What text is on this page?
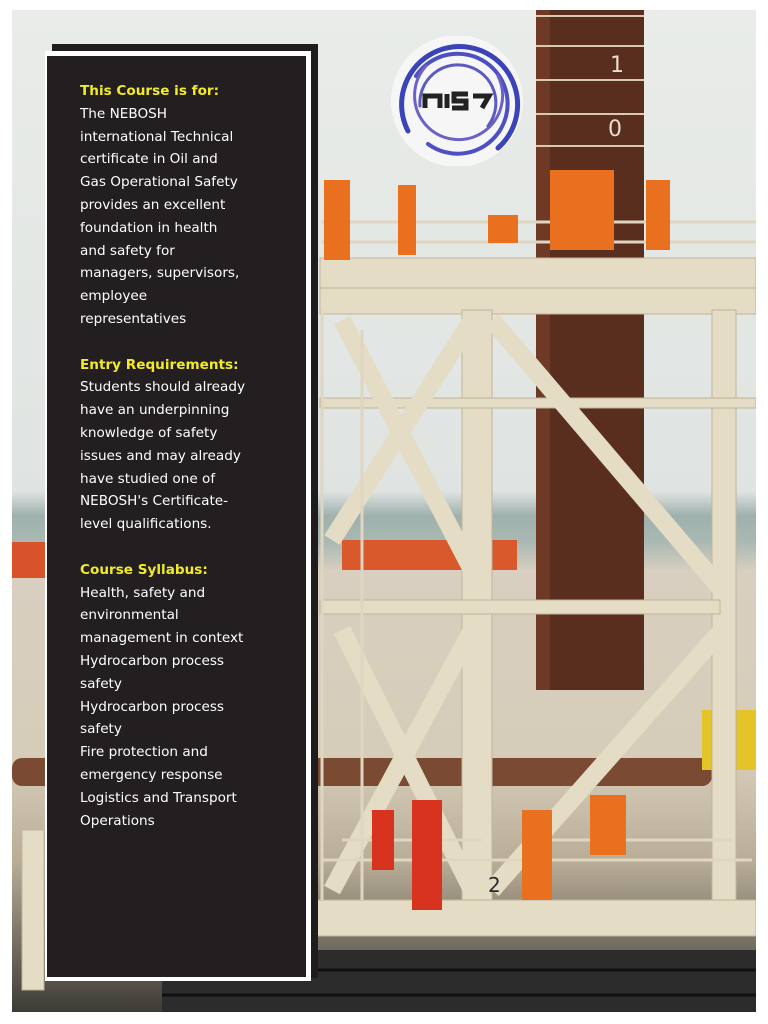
1
0
2
This Course is for:
The NEBOSH
international Technical
certificate in Oil and
Gas Operational Safety
provides an excellent
foundation in health
and safety for
managers, supervisors,
employee
representatives
Entry Requirements:
Students should already
have an underpinning
knowledge of safety
issues and may already
have studied one of
NEBOSH's Certificate-
level qualifications.
Course Syllabus:
Health, safety and
environmental
management in context
Hydrocarbon process
safety
Hydrocarbon process
safety
Fire protection and
emergency response
Logistics and Transport
Operations
